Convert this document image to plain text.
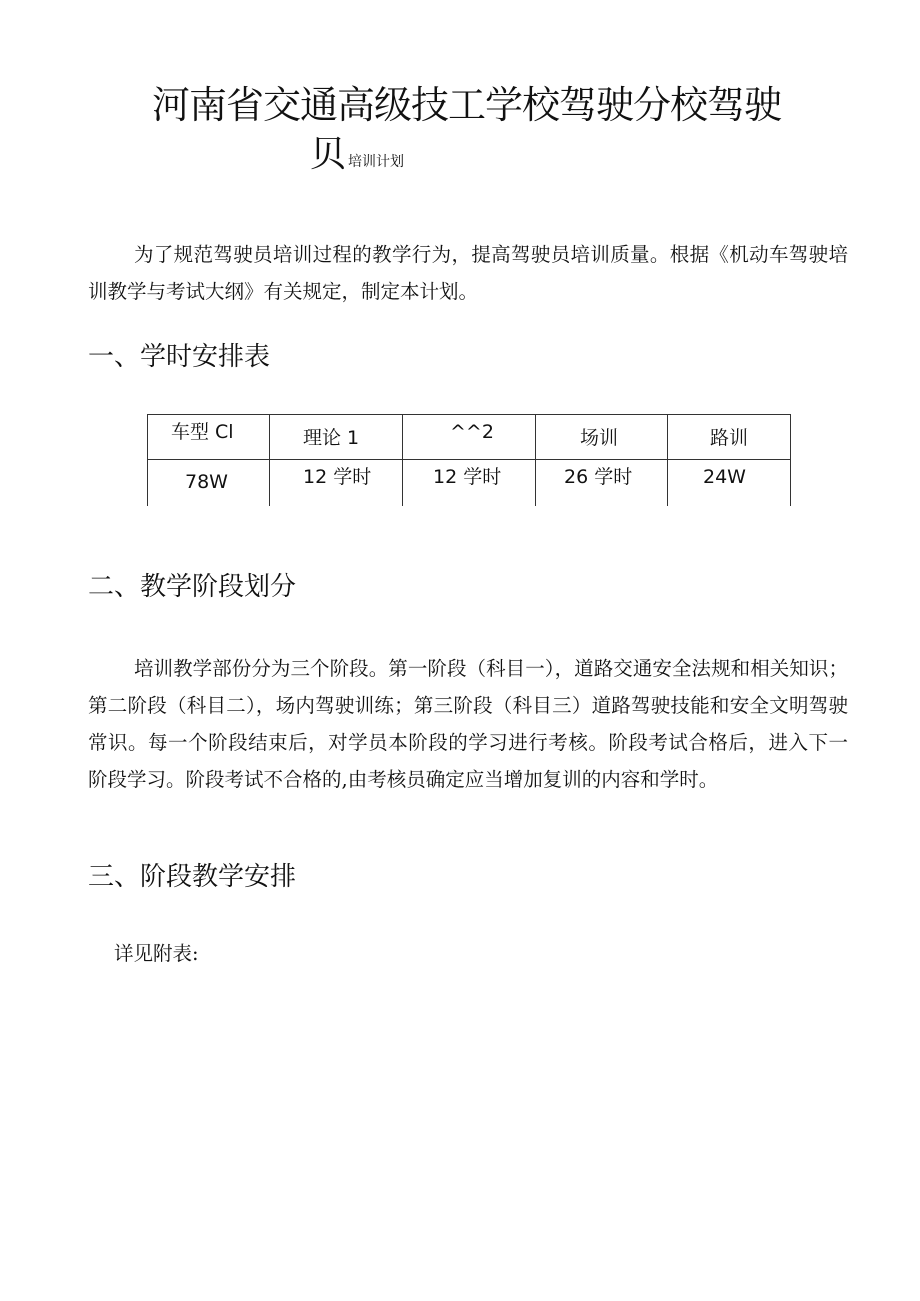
河南省交通高级技工学校驾驶分校驾驶
贝培训计划

为了规范驾驶员培训过程的教学行为，提高驾驶员培训质量。根据《机动车驾驶培训教学与考试大纲》有关规定，制定本计划。

一、学时安排表
车型 Cl	理论 1	^^2	场训	路训
78W	12 学时	12 学时	26 学时	24W
二、教学阶段划分

培训教学部份分为三个阶段。第一阶段（科目一），道路交通安全法规和相关知识；第二阶段（科目二），场内驾驶训练；第三阶段（科目三）道路驾驶技能和安全文明驾驶常识。每一个阶段结束后，对学员本阶段的学习进行考核。阶段考试合格后，进入下一阶段学习。阶段考试不合格的,由考核员确定应当增加复训的内容和学时。

三、阶段教学安排
详见附表:
